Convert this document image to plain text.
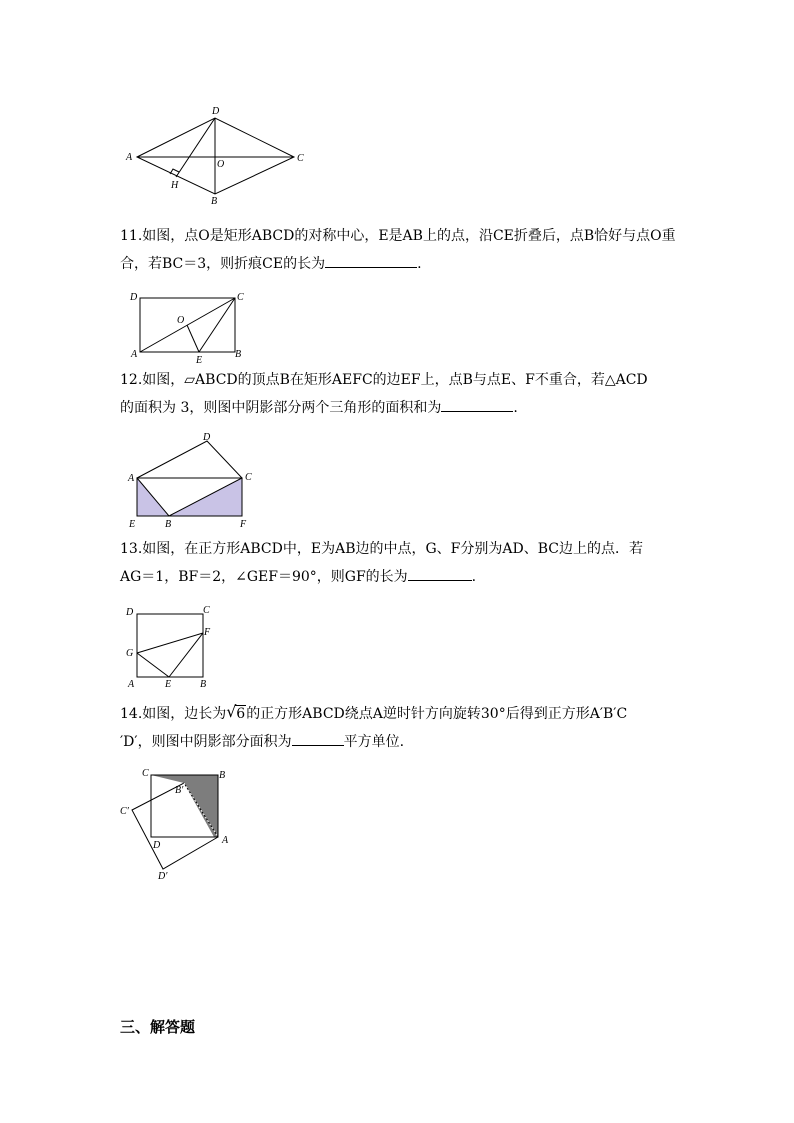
D
A
O
C
H
B
11.如图，点O是矩形ABCD的对称中心，E是AB上的点，沿CE折叠后，点B恰好与点O重
合，若BC＝3，则折痕CE的长为	.
D	C
O
A
E
B
12.如图，▱ABCD的顶点B在矩形AEFC的边EF上，点B与点E、F不重合，若△ACD
的面积为 3，则图中阴影部分两个三角形的面积和为	.
D
A	C
E	B	F
13.如图，在正方形ABCD中，E为AB边的中点，G、F分别为AD、BC边上的点．若
AG＝1，BF＝2，∠GEF＝90°，则GF的长为	.
D	C
F
G
A	E	B
14.如图，边长为 √ 6的正方形ABCD绕点A逆时针方向旋转30°后得到正方形A′B′C
′D′，则图中阴影部分面积为	平方单位.
C	B
B′
C′
D	A
D′
三、解答题
